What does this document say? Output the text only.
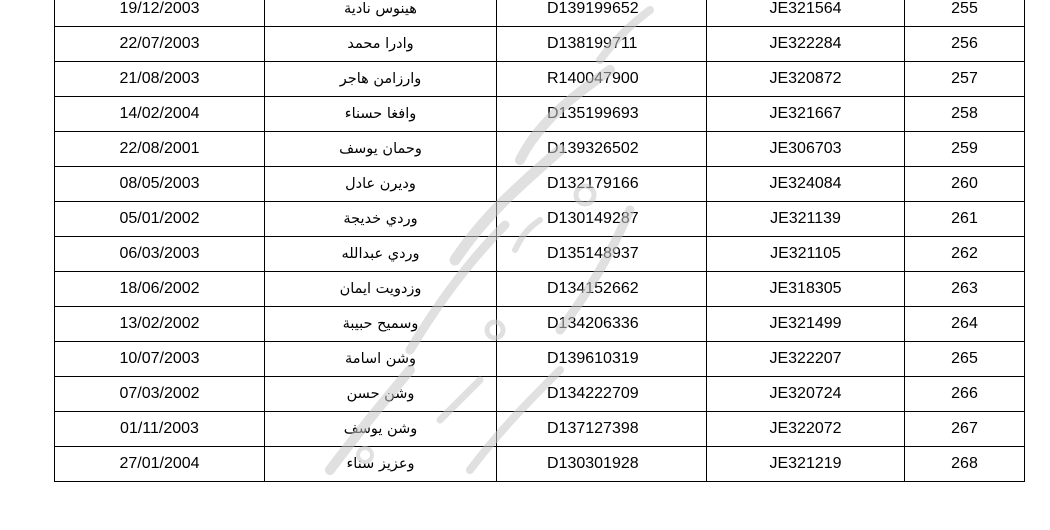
19/12/2003	هينوس نادية	D139199652	JE321564	255
22/07/2003	وادرا محمد	D138199711	JE322284	256
21/08/2003	وارزامن هاجر	R140047900	JE320872	257
14/02/2004	وافغا حسناء	D135199693	JE321667	258
22/08/2001	وحمان يوسف	D139326502	JE306703	259
08/05/2003	وديرن عادل	D132179166	JE324084	260
05/01/2002	وردي خديجة	D130149287	JE321139	261
06/03/2003	وردي عبدالله	D135148937	JE321105	262
18/06/2002	وزدويت ايمان	D134152662	JE318305	263
13/02/2002	وسميح حبيبة	D134206336	JE321499	264
10/07/2003	وشن اسامة	D139610319	JE322207	265
07/03/2002	وشن حسن	D134222709	JE320724	266
01/11/2003	وشن يوسف	D137127398	JE322072	267
27/01/2004	وعزيز سناء	D130301928	JE321219	268
